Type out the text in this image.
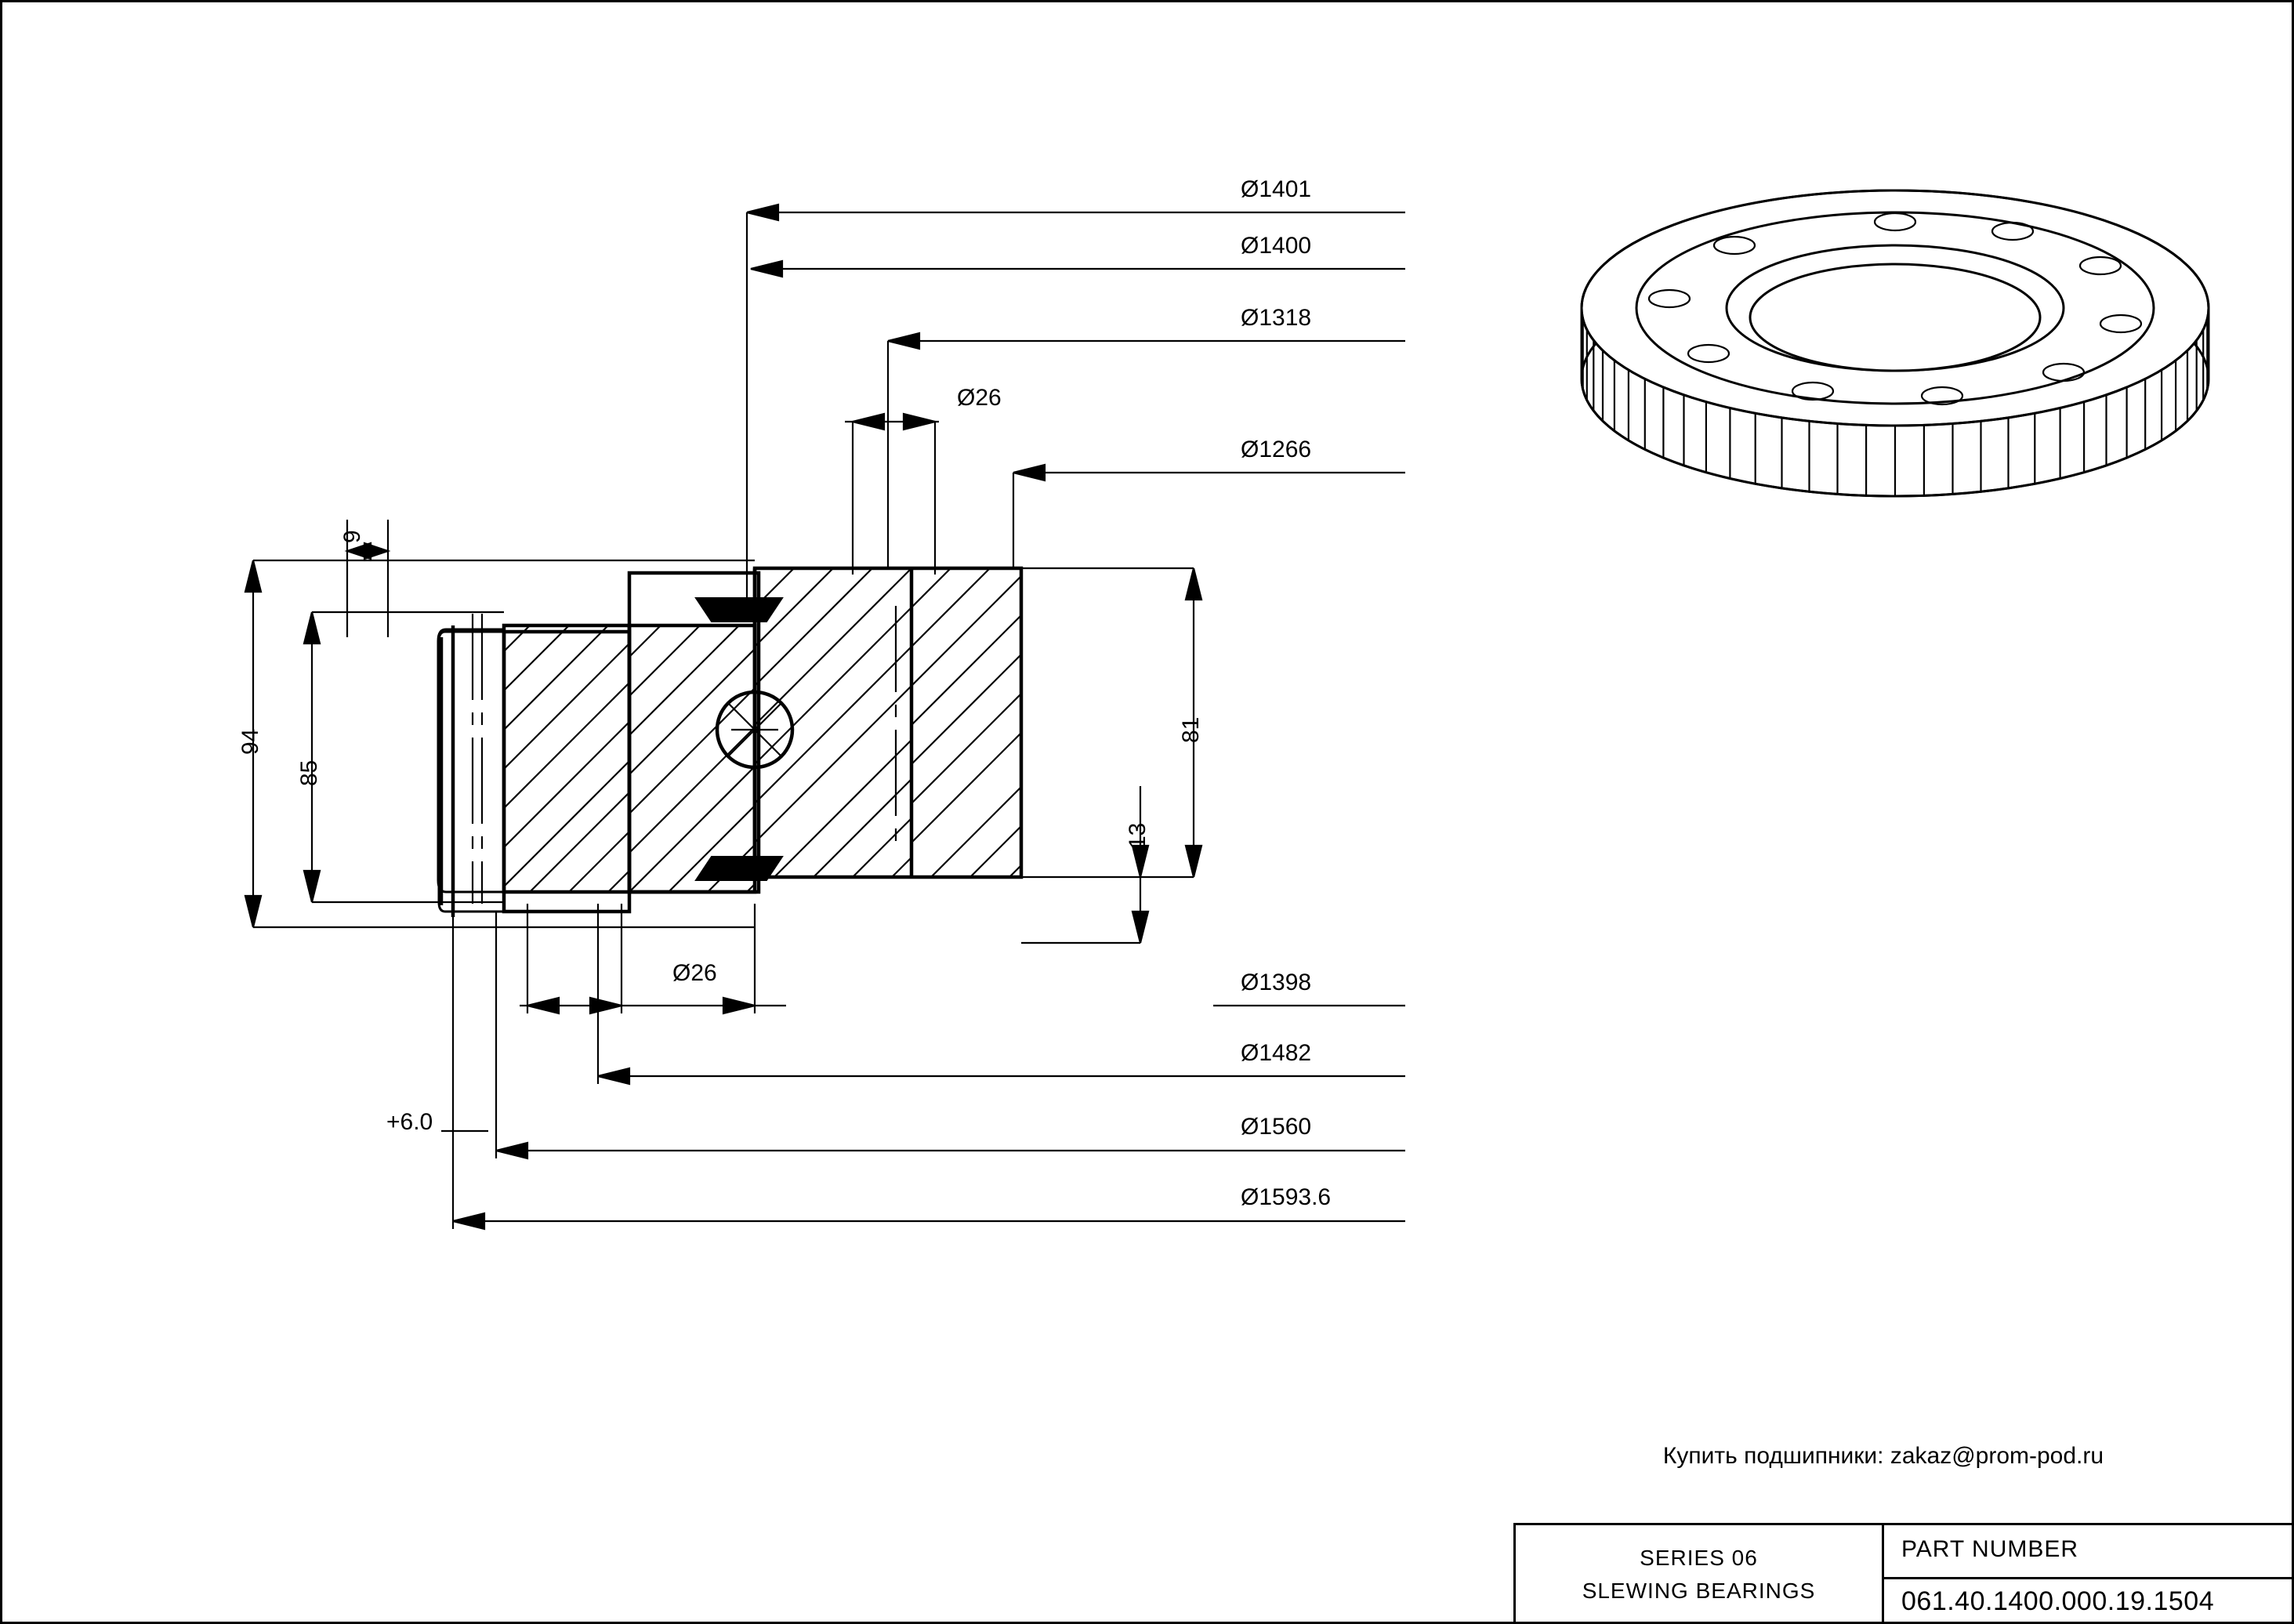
Ø1401
Ø1400
Ø1318
Ø26
Ø1266
Ø26	Ø1398
Ø1482
Ø1560
Ø1593.6
94
85
9
+6.0
81
13
Купить подшипники: zakaz@prom-pod.ru
SERIES 06
SLEWING BEARINGS
PART NUMBER
061.40.1400.000.19.1504
